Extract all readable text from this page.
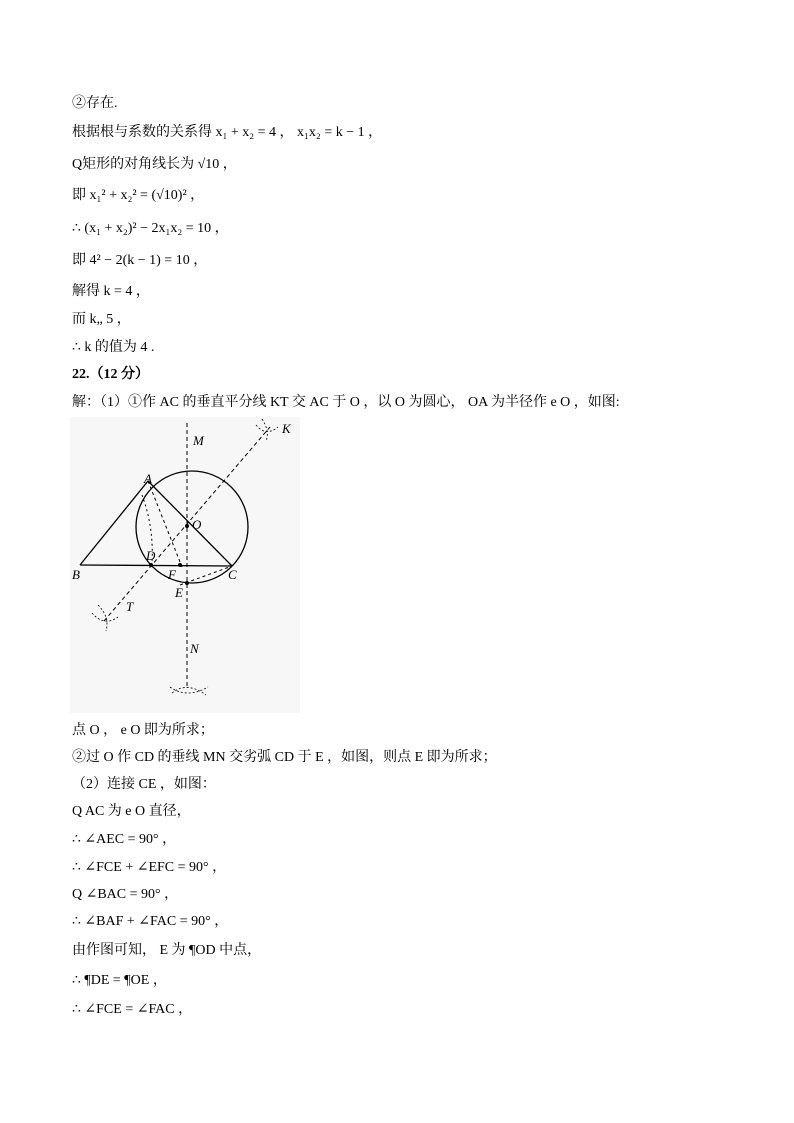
②存在.
根据根与系数的关系得 x₁ + x₂ = 4 ， x₁x₂ = k − 1 ，
Q矩形的对角线长为 √10 ，
即 x₁² + x₂² = (√10)² ，
∴ (x₁ + x₂)² − 2x₁x₂ = 10 ，
即 4² − 2(k − 1) = 10 ，
解得 k = 4 ，
而 k„ 5 ，
∴ k 的值为 4 .
22.（12 分）
解：（1）①作 AC 的垂直平分线 KT 交 AC 于 O ，以 O 为圆心， OA 为半径作 e O ，如图:
M
K
A
O
D
B	F	C
E
T
N
点 O ， e O 即为所求；
②过 O 作 CD 的垂线 MN 交劣弧 CD 于 E ，如图，则点 E 即为所求；
（2）连接 CE ，如图：
Q AC 为 e O 直径，
∴ ∠AEC = 90° ，
∴ ∠FCE + ∠EFC = 90° ，
Q ∠BAC = 90° ，
∴ ∠BAF + ∠FAC = 90° ，
由作图可知， E 为 ¶OD 中点，
∴ ¶DE = ¶OE ，
∴ ∠FCE = ∠FAC ，
